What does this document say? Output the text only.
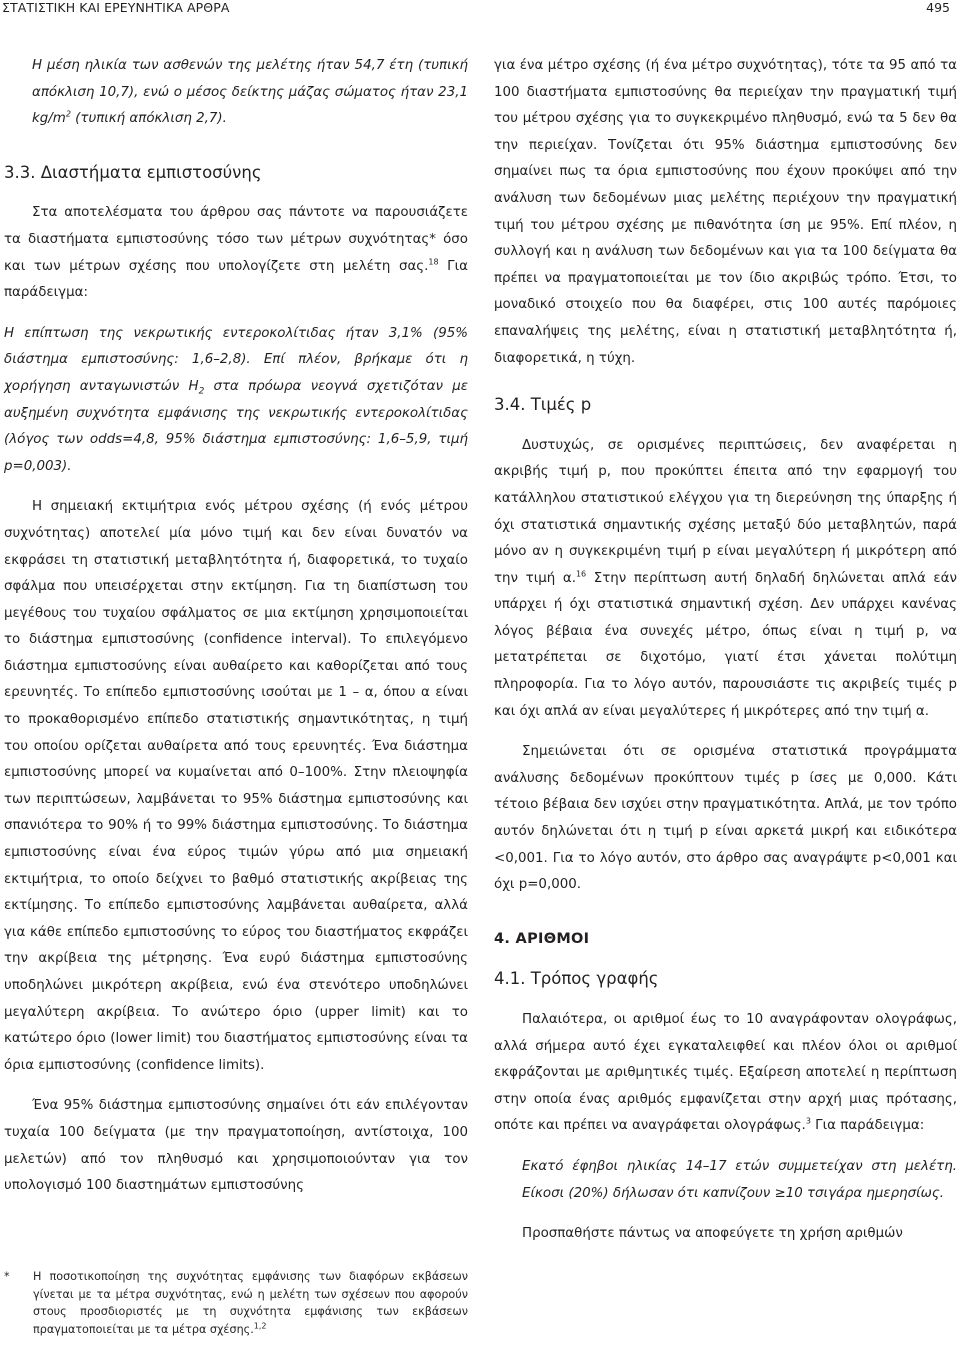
ΣΤΑΤΙΣΤΙΚΗ ΚΑΙ ΕΡΕΥΝΗΤΙΚΑ ΑΡΘΡΑ	495

Η μέση ηλικία των ασθενών της μελέτης ήταν 54,7 έτη (τυπική απόκλιση 10,7), ενώ ο μέσος δείκτης μάζας σώματος ήταν 23,1 $kg/m^2$ (τυπική απόκλιση 2,7).

3.3. Διαστήματα εμπιστοσύνης

Στα αποτελέσματα του άρθρου σας πάντοτε να παρουσιάζετε τα διαστήματα εμπιστοσύνης τόσο των μέτρων συχνότητας* όσο και των μέτρων σχέσης που υπολογίζετε στη μελέτη σας.$^{18}$ Για παράδειγμα:

Η επίπτωση της νεκρωτικής εντεροκολίτιδας ήταν 3,1% (95% διάστημα εμπιστοσύνης: 1,6–2,8). Επί πλέον, βρήκαμε ότι η χορήγηση ανταγωνιστών $H_2$ στα πρόωρα νεογνά σχετιζόταν με αυξημένη συχνότητα εμφάνισης της νεκρωτικής εντεροκολίτιδας (λόγος των odds=4,8, 95% διάστημα εμπιστοσύνης: 1,6–5,9, τιμή p=0,003).

Η σημειακή εκτιμήτρια ενός μέτρου σχέσης (ή ενός μέτρου συχνότητας) αποτελεί μία μόνο τιμή και δεν είναι δυνατόν να εκφράσει τη στατιστική μεταβλητότητα ή, διαφορετικά, το τυχαίο σφάλμα που υπεισέρχεται στην εκτίμηση. Για τη διαπίστωση του μεγέθους του τυχαίου σφάλματος σε μια εκτίμηση χρησιμοποιείται το διάστημα εμπιστοσύνης (confidence interval). Το επιλεγόμενο διάστημα εμπιστοσύνης είναι αυθαίρετο και καθορίζεται από τους ερευνητές. Το επίπεδο εμπιστοσύνης ισούται με 1 – α, όπου α είναι το προκαθορισμένο επίπεδο στατιστικής σημαντικότητας, η τιμή του οποίου ορίζεται αυθαίρετα από τους ερευνητές. Ένα διάστημα εμπιστοσύνης μπορεί να κυμαίνεται από 0–100%. Στην πλειοψηφία των περιπτώσεων, λαμβάνεται το 95% διάστημα εμπιστοσύνης και σπανιότερα το 90% ή το 99% διάστημα εμπιστοσύνης. Το διάστημα εμπιστοσύνης είναι ένα εύρος τιμών γύρω από μια σημειακή εκτιμήτρια, το οποίο δείχνει το βαθμό στατιστικής ακρίβειας της εκτίμησης. Το επίπεδο εμπιστοσύνης λαμβάνεται αυθαίρετα, αλλά για κάθε επίπεδο εμπιστοσύνης το εύρος του διαστήματος εκφράζει την ακρίβεια της μέτρησης. Ένα ευρύ διάστημα εμπιστοσύνης υποδηλώνει μικρότερη ακρίβεια, ενώ ένα στενότερο υποδηλώνει μεγαλύτερη ακρίβεια. Το ανώτερο όριο (upper limit) και το κατώτερο όριο (lower limit) του διαστήματος εμπιστοσύνης είναι τα όρια εμπιστοσύνης (confidence limits).

Ένα 95% διάστημα εμπιστοσύνης σημαίνει ότι εάν επιλέγονταν τυχαία 100 δείγματα (με την πραγματοποίηση, αντίστοιχα, 100 μελετών) από τον πληθυσμό και χρησιμοποιούνταν για τον υπολογισμό 100 διαστημάτων εμπιστοσύνης

* Η ποσοτικοποίηση της συχνότητας εμφάνισης των διαφόρων εκβάσεων γίνεται με τα μέτρα συχνότητας, ενώ η μελέτη των σχέσεων που αφορούν στους προσδιοριστές με τη συχνότητα εμφάνισης των εκβάσεων πραγματοποιείται με τα μέτρα σχέσης.$^{1,2}$

για ένα μέτρο σχέσης (ή ένα μέτρο συχνότητας), τότε τα 95 από τα 100 διαστήματα εμπιστοσύνης θα περιείχαν την πραγματική τιμή του μέτρου σχέσης για το συγκεκριμένο πληθυσμό, ενώ τα 5 δεν θα την περιείχαν. Τονίζεται ότι 95% διάστημα εμπιστοσύνης δεν σημαίνει πως τα όρια εμπιστοσύνης που έχουν προκύψει από την ανάλυση των δεδομένων μιας μελέτης περιέχουν την πραγματική τιμή του μέτρου σχέσης με πιθανότητα ίση με 95%. Επί πλέον, η συλλογή και η ανάλυση των δεδομένων και για τα 100 δείγματα θα πρέπει να πραγματοποιείται με τον ίδιο ακριβώς τρόπο. Έτσι, το μοναδικό στοιχείο που θα διαφέρει, στις 100 αυτές παρόμοιες επαναλήψεις της μελέτης, είναι η στατιστική μεταβλητότητα ή, διαφορετικά, η τύχη.

3.4. Τιμές p

Δυστυχώς, σε ορισμένες περιπτώσεις, δεν αναφέρεται η ακριβής τιμή p, που προκύπτει έπειτα από την εφαρμογή του κατάλληλου στατιστικού ελέγχου για τη διερεύνηση της ύπαρξης ή όχι στατιστικά σημαντικής σχέσης μεταξύ δύο μεταβλητών, παρά μόνο αν η συγκεκριμένη τιμή p είναι μεγαλύτερη ή μικρότερη από την τιμή α.$^{16}$ Στην περίπτωση αυτή δηλαδή δηλώνεται απλά εάν υπάρχει ή όχι στατιστικά σημαντική σχέση. Δεν υπάρχει κανένας λόγος βέβαια ένα συνεχές μέτρο, όπως είναι η τιμή p, να μετατρέπεται σε διχοτόμο, γιατί έτσι χάνεται πολύτιμη πληροφορία. Για το λόγο αυτόν, παρουσιάστε τις ακριβείς τιμές p και όχι απλά αν είναι μεγαλύτερες ή μικρότερες από την τιμή α.

Σημειώνεται ότι σε ορισμένα στατιστικά προγράμματα ανάλυσης δεδομένων προκύπτουν τιμές p ίσες με 0,000. Κάτι τέτοιο βέβαια δεν ισχύει στην πραγματικότητα. Απλά, με τον τρόπο αυτόν δηλώνεται ότι η τιμή p είναι αρκετά μικρή και ειδικότερα <0,001. Για το λόγο αυτόν, στο άρθρο σας αναγράψτε p<0,001 και όχι p=0,000.

4. ΑΡΙΘΜΟΙ
4.1. Τρόπος γραφής

Παλαιότερα, οι αριθμοί έως το 10 αναγράφονταν ολογράφως, αλλά σήμερα αυτό έχει εγκαταλειφθεί και πλέον όλοι οι αριθμοί εκφράζονται με αριθμητικές τιμές. Εξαίρεση αποτελεί η περίπτωση στην οποία ένας αριθμός εμφανίζεται στην αρχή μιας πρότασης, οπότε και πρέπει να αναγράφεται ολογράφως.$^3$ Για παράδειγμα:

Εκατό έφηβοι ηλικίας 14–17 ετών συμμετείχαν στη μελέτη. Είκοσι (20%) δήλωσαν ότι καπνίζουν ≥10 τσιγάρα ημερησίως.

Προσπαθήστε πάντως να αποφεύγετε τη χρήση αριθμών
